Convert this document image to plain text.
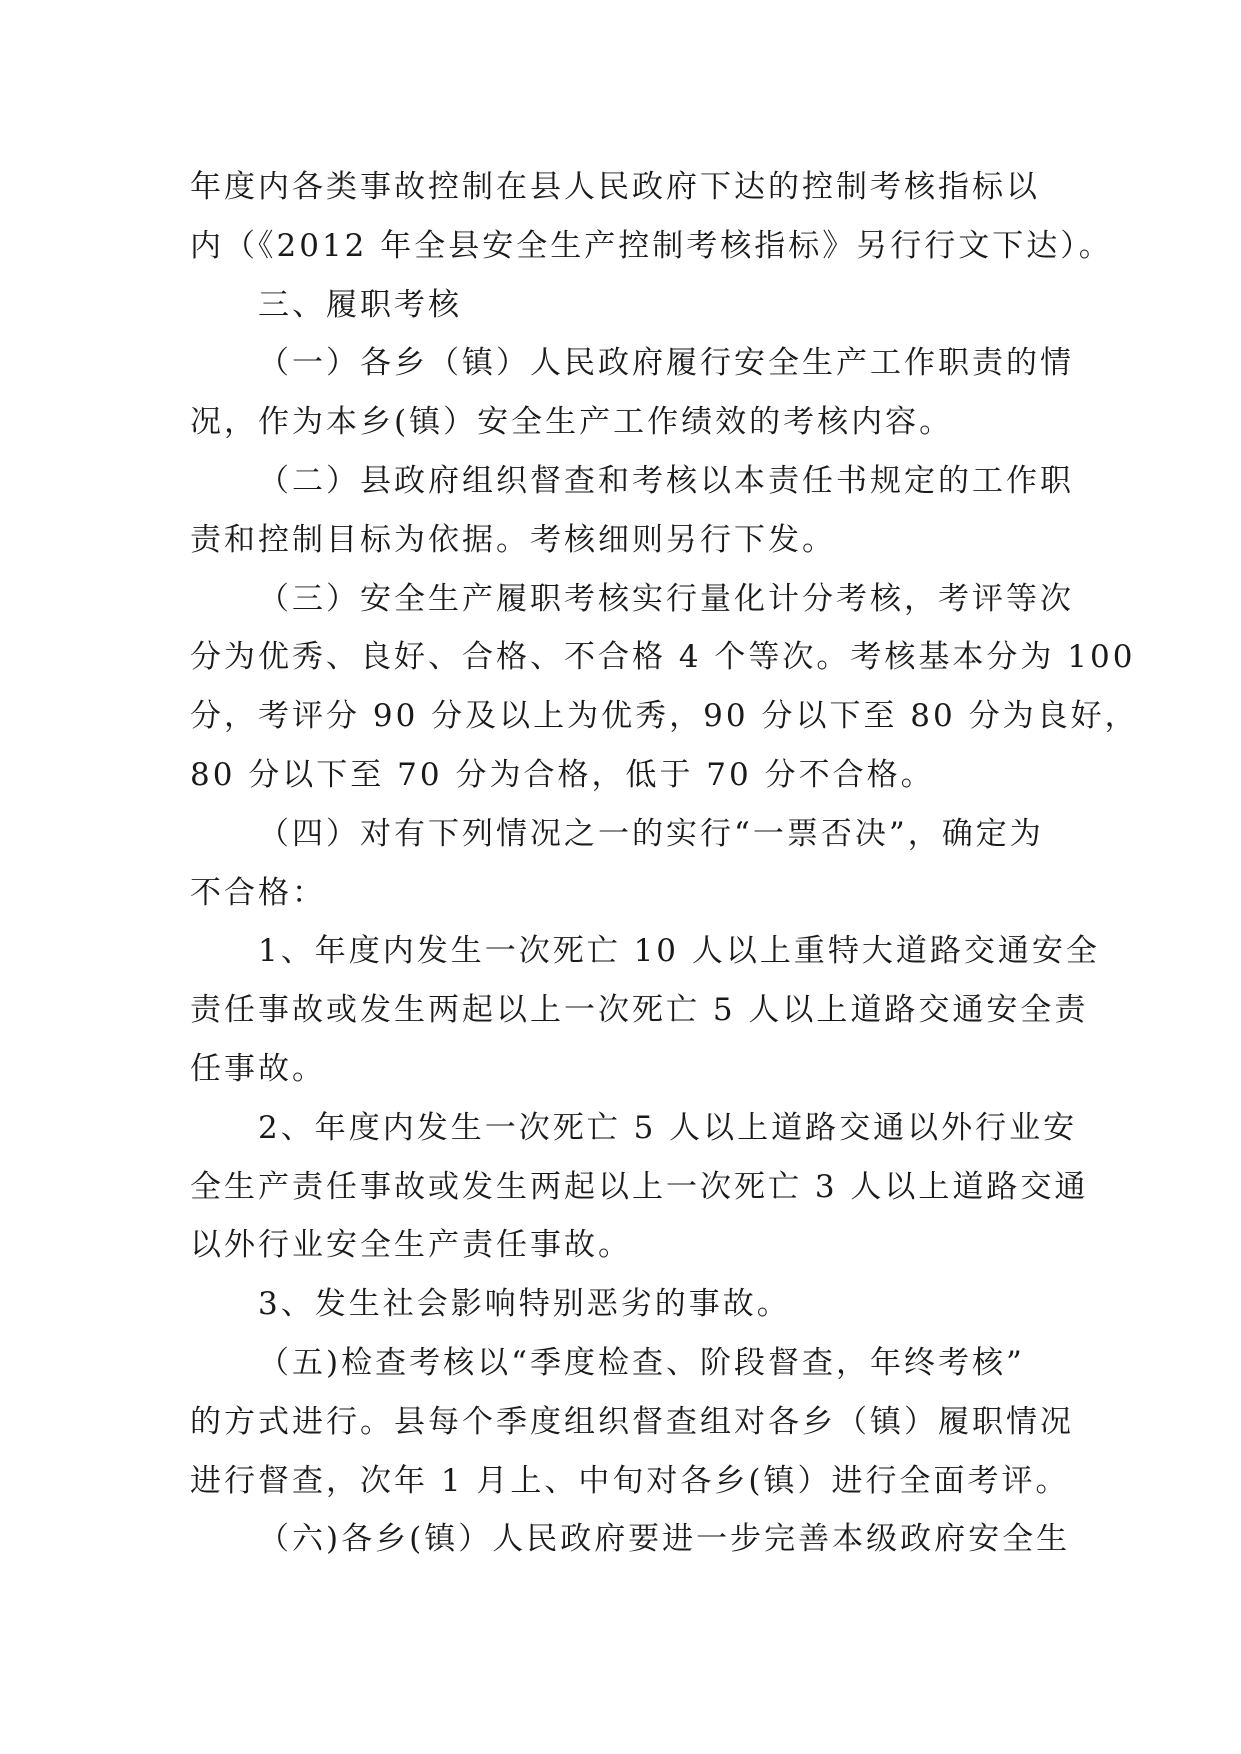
年度内各类事故控制在县人民政府下达的控制考核指标以
内（《2012 年全县安全生产控制考核指标》另行行文下达）。
三、履职考核
（一）各乡（镇）人民政府履行安全生产工作职责的情
况，作为本乡(镇）安全生产工作绩效的考核内容。
（二）县政府组织督查和考核以本责任书规定的工作职
责和控制目标为依据。考核细则另行下发。
（三）安全生产履职考核实行量化计分考核，考评等次
分为优秀、良好、合格、不合格 4 个等次。考核基本分为 100
分，考评分 90 分及以上为优秀，90 分以下至 80 分为良好，
80 分以下至 70 分为合格，低于 70 分不合格。
（四）对有下列情况之一的实行“一票否决”，确定为
不合格：
1、年度内发生一次死亡 10 人以上重特大道路交通安全
责任事故或发生两起以上一次死亡 5 人以上道路交通安全责
任事故。
2、年度内发生一次死亡 5 人以上道路交通以外行业安
全生产责任事故或发生两起以上一次死亡 3 人以上道路交通
以外行业安全生产责任事故。
3、发生社会影响特别恶劣的事故。
（五)检查考核以“季度检查、阶段督查，年终考核”
的方式进行。县每个季度组织督查组对各乡（镇）履职情况
进行督查，次年 1 月上、中旬对各乡(镇）进行全面考评。
（六)各乡(镇）人民政府要进一步完善本级政府安全生
